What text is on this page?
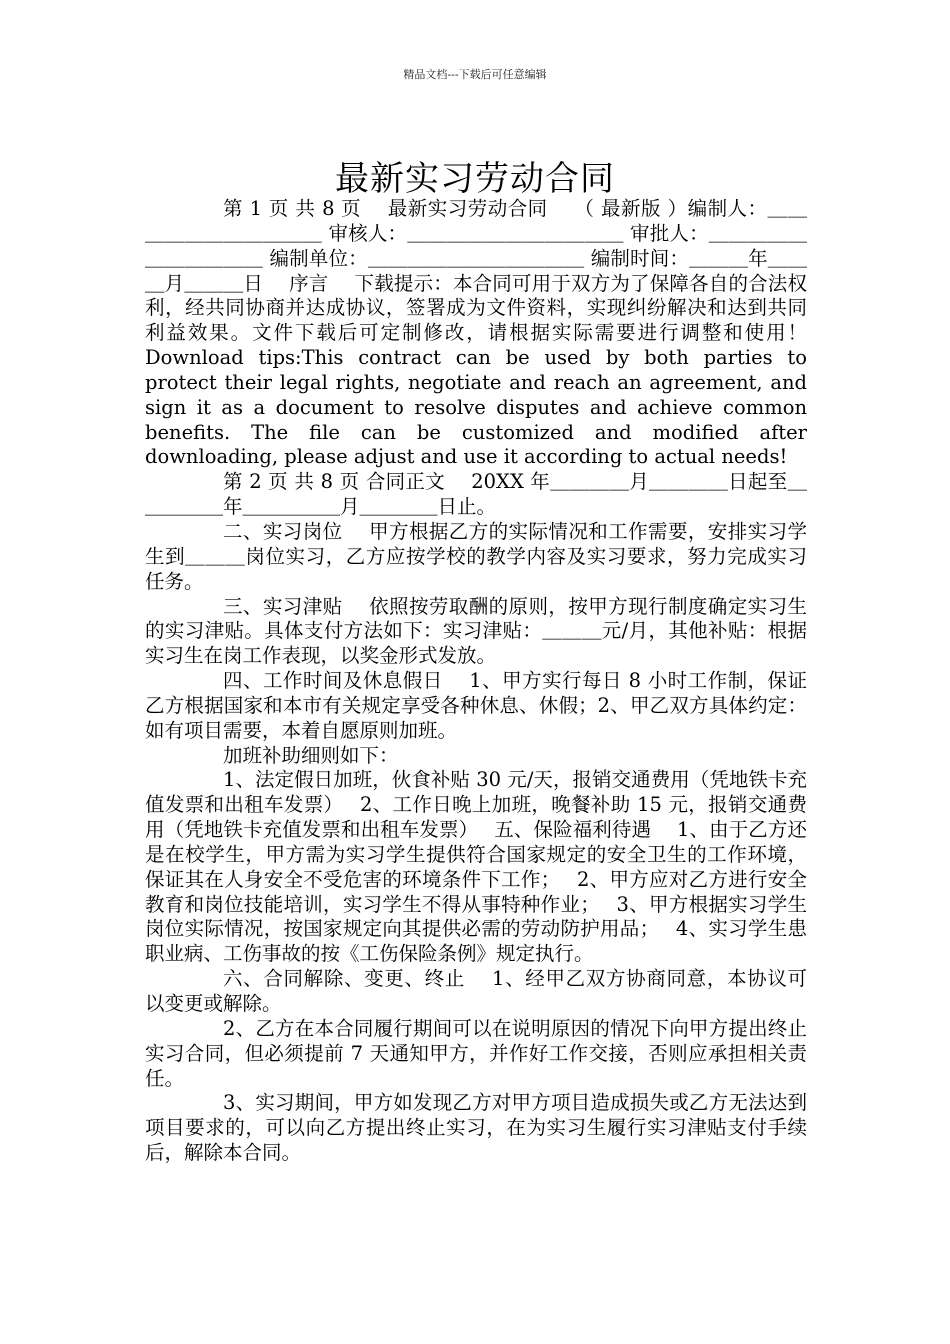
精品文档---下载后可任意编辑
最新实习劳动合同

第 1 页 共 8 页　 最新实习劳动合同　 （ 最新版 ）编制人：＿＿＿＿＿＿＿＿＿＿＿ 审核人：＿＿＿＿＿＿＿＿＿＿＿ 审批人：＿＿＿＿＿＿＿＿＿＿＿ 编制单位：＿＿＿＿＿＿＿＿＿＿＿ 编制时间：＿＿＿年＿＿＿月＿＿＿日　 序言　 下载提示：本合同可用于双方为了保障各自的合法权利，经共同协商并达成协议，签署成为文件资料，实现纠纷解决和达到共同利益效果。文件下载后可定制修改，请根据实际需要进行调整和使用！ Download tips:This contract can be used by both parties to protect their legal rights, negotiate and reach an agreement, and sign it as a document to resolve disputes and achieve common benefits. The file can be customized and modified after downloading, please adjust and use it according to actual needs!

第 2 页 共 8 页 合同正文　 20XX 年＿＿＿＿月＿＿＿＿日起至＿＿＿＿＿年＿＿＿＿＿月＿＿＿＿日止。

二、实习岗位　 甲方根据乙方的实际情况和工作需要，安排实习学生到＿＿＿岗位实习，乙方应按学校的教学内容及实习要求，努力完成实习任务。

三、实习津贴　 依照按劳取酬的原则，按甲方现行制度确定实习生的实习津贴。具体支付方法如下：实习津贴：＿＿＿元/月，其他补贴：根据实习生在岗工作表现，以奖金形式发放。

四、工作时间及休息假日　 1、甲方实行每日 8 小时工作制，保证乙方根据国家和本市有关规定享受各种休息、休假；2、甲乙双方具体约定：如有项目需要，本着自愿原则加班。

加班补助细则如下：

1、法定假日加班，伙食补贴 30 元/天，报销交通费用（凭地铁卡充值发票和出租车发票）　 2、工作日晚上加班，晚餐补助 15 元，报销交通费用（凭地铁卡充值发票和出租车发票）　 五、保险福利待遇　 1、由于乙方还是在校学生，甲方需为实习学生提供符合国家规定的安全卫生的工作环境，保证其在人身安全不受危害的环境条件下工作；　 2、甲方应对乙方进行安全教育和岗位技能培训，实习学生不得从事特种作业；　 3、甲方根据实习学生岗位实际情况，按国家规定向其提供必需的劳动防护用品；　 4、实习学生患职业病、工伤事故的按《工伤保险条例》规定执行。

六、合同解除、变更、终止　 1、经甲乙双方协商同意，本协议可以变更或解除。

2、乙方在本合同履行期间可以在说明原因的情况下向甲方提出终止实习合同，但必须提前 7 天通知甲方，并作好工作交接，否则应承担相关责任。

3、实习期间，甲方如发现乙方对甲方项目造成损失或乙方无法达到项目要求的，可以向乙方提出终止实习，在为实习生履行实习津贴支付手续后，解除本合同。
